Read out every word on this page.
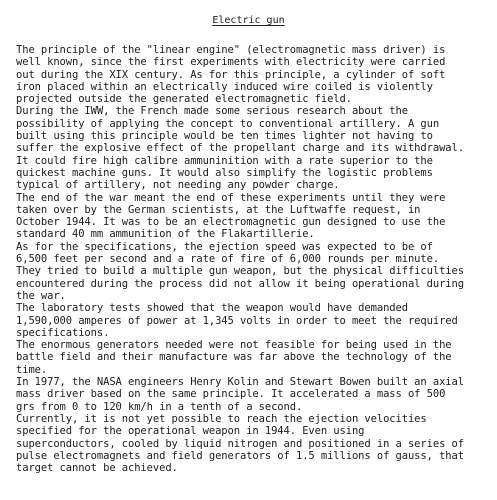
Electric gun
The principle of the "linear engine" (electromagnetic mass driver) is
well known, since the first experiments with electricity were carried
out during the XIX century. As for this principle, a cylinder of soft
iron placed within an electrically induced wire coiled is violently
projected outside the generated electromagnetic field.
During the IWW, the French made some serious research about the
possibility of applying the concept to conventional artillery. A gun
built using this principle would be ten times lighter not having to
suffer the explosive effect of the propellant charge and its withdrawal.
It could fire high calibre ammuninition with a rate superior to the
quickest machine guns. It would also simplify the logistic problems
typical of artillery, not needing any powder charge.
The end of the war meant the end of these experiments until they were
taken over by the German scientists, at the Luftwaffe request, in
October 1944. It was to be an electromagnetic gun designed to use the
standard 40 mm ammunition of the Flakartillerie.
As for the specifications, the ejection speed was expected to be of
6,500 feet per second and a rate of fire of 6,000 rounds per minute.
They tried to build a multiple gun weapon, but the physical difficulties
encountered during the process did not allow it being operational during
the war.
The laboratory tests showed that the weapon would have demanded
1,590,000 amperes of power at 1,345 volts in order to meet the required
specifications.
The enormous generators needed were not feasible for being used in the
battle field and their manufacture was far above the technology of the
time.
In 1977, the NASA engineers Henry Kolin and Stewart Bowen built an axial
mass driver based on the same principle. It accelerated a mass of 500
grs from 0 to 120 km/h in a tenth of a second.
Currently, it is not yet possible to reach the ejection velocities
specified for the operational weapon in 1944. Even using
superconductors, cooled by liquid nitrogen and positioned in a series of
pulse electromagnets and field generators of 1.5 millions of gauss, that
target cannot be achieved.
